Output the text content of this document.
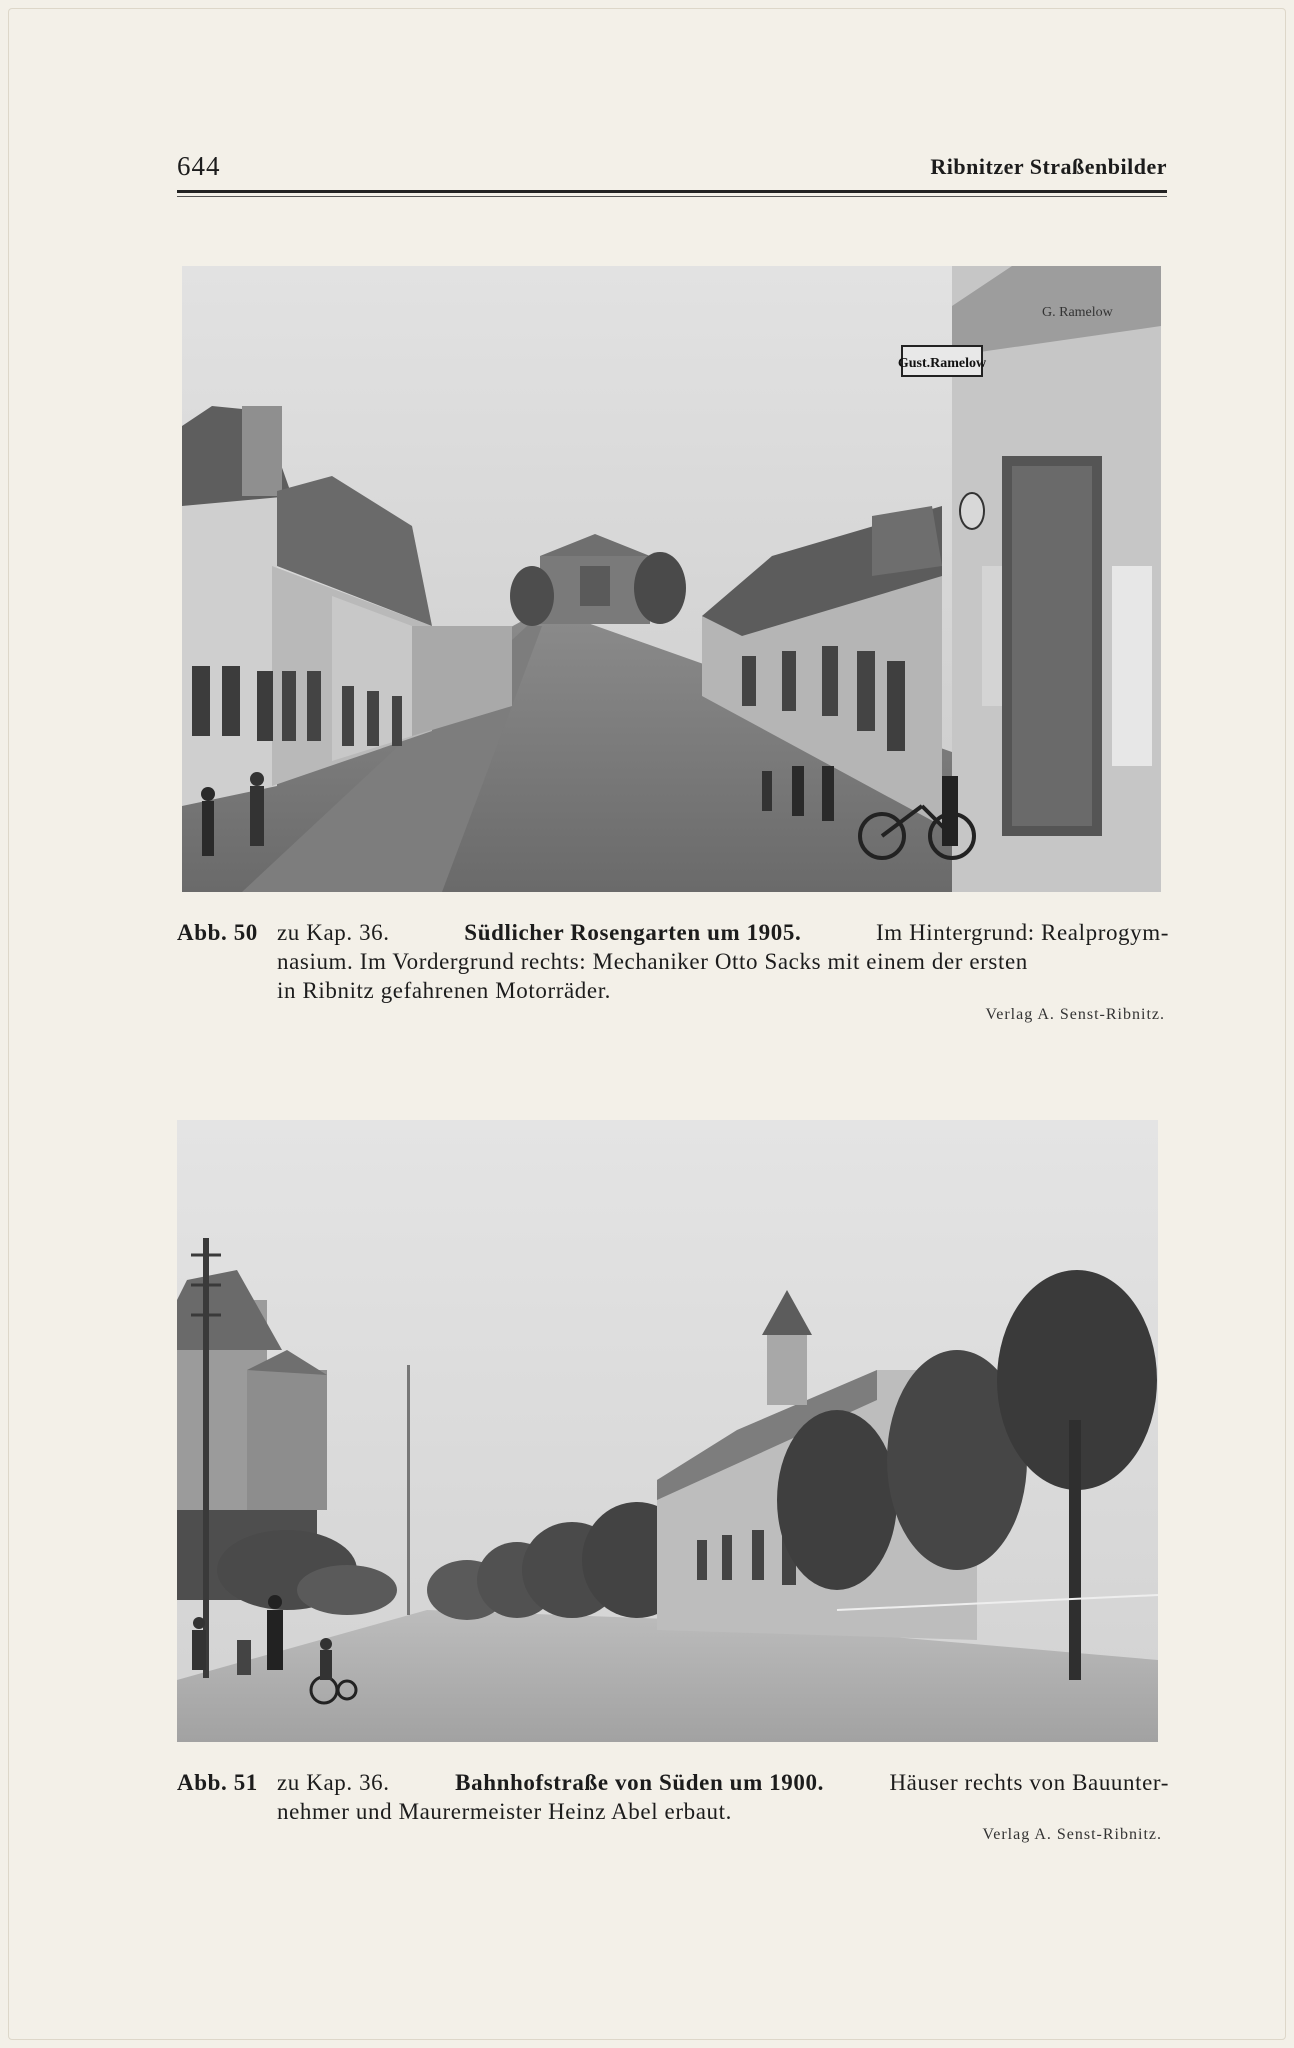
644	Ribnitzer Straßenbilder
Gust.Ramelow
G. Ramelow
Abb. 50 zu Kap. 36.	Südlicher Rosengarten um 1905.	Im Hintergrund: Realprogym-
nasium. Im Vordergrund rechts: Mechaniker Otto Sacks mit einem der ersten
in Ribnitz gefahrenen Motorräder.
Verlag A. Senst-Ribnitz.
Abb. 51 zu Kap. 36.	Bahnhofstraße von Süden um 1900.	Häuser rechts von Bauunter-
nehmer und Maurermeister Heinz Abel erbaut.
Verlag A. Senst-Ribnitz.
